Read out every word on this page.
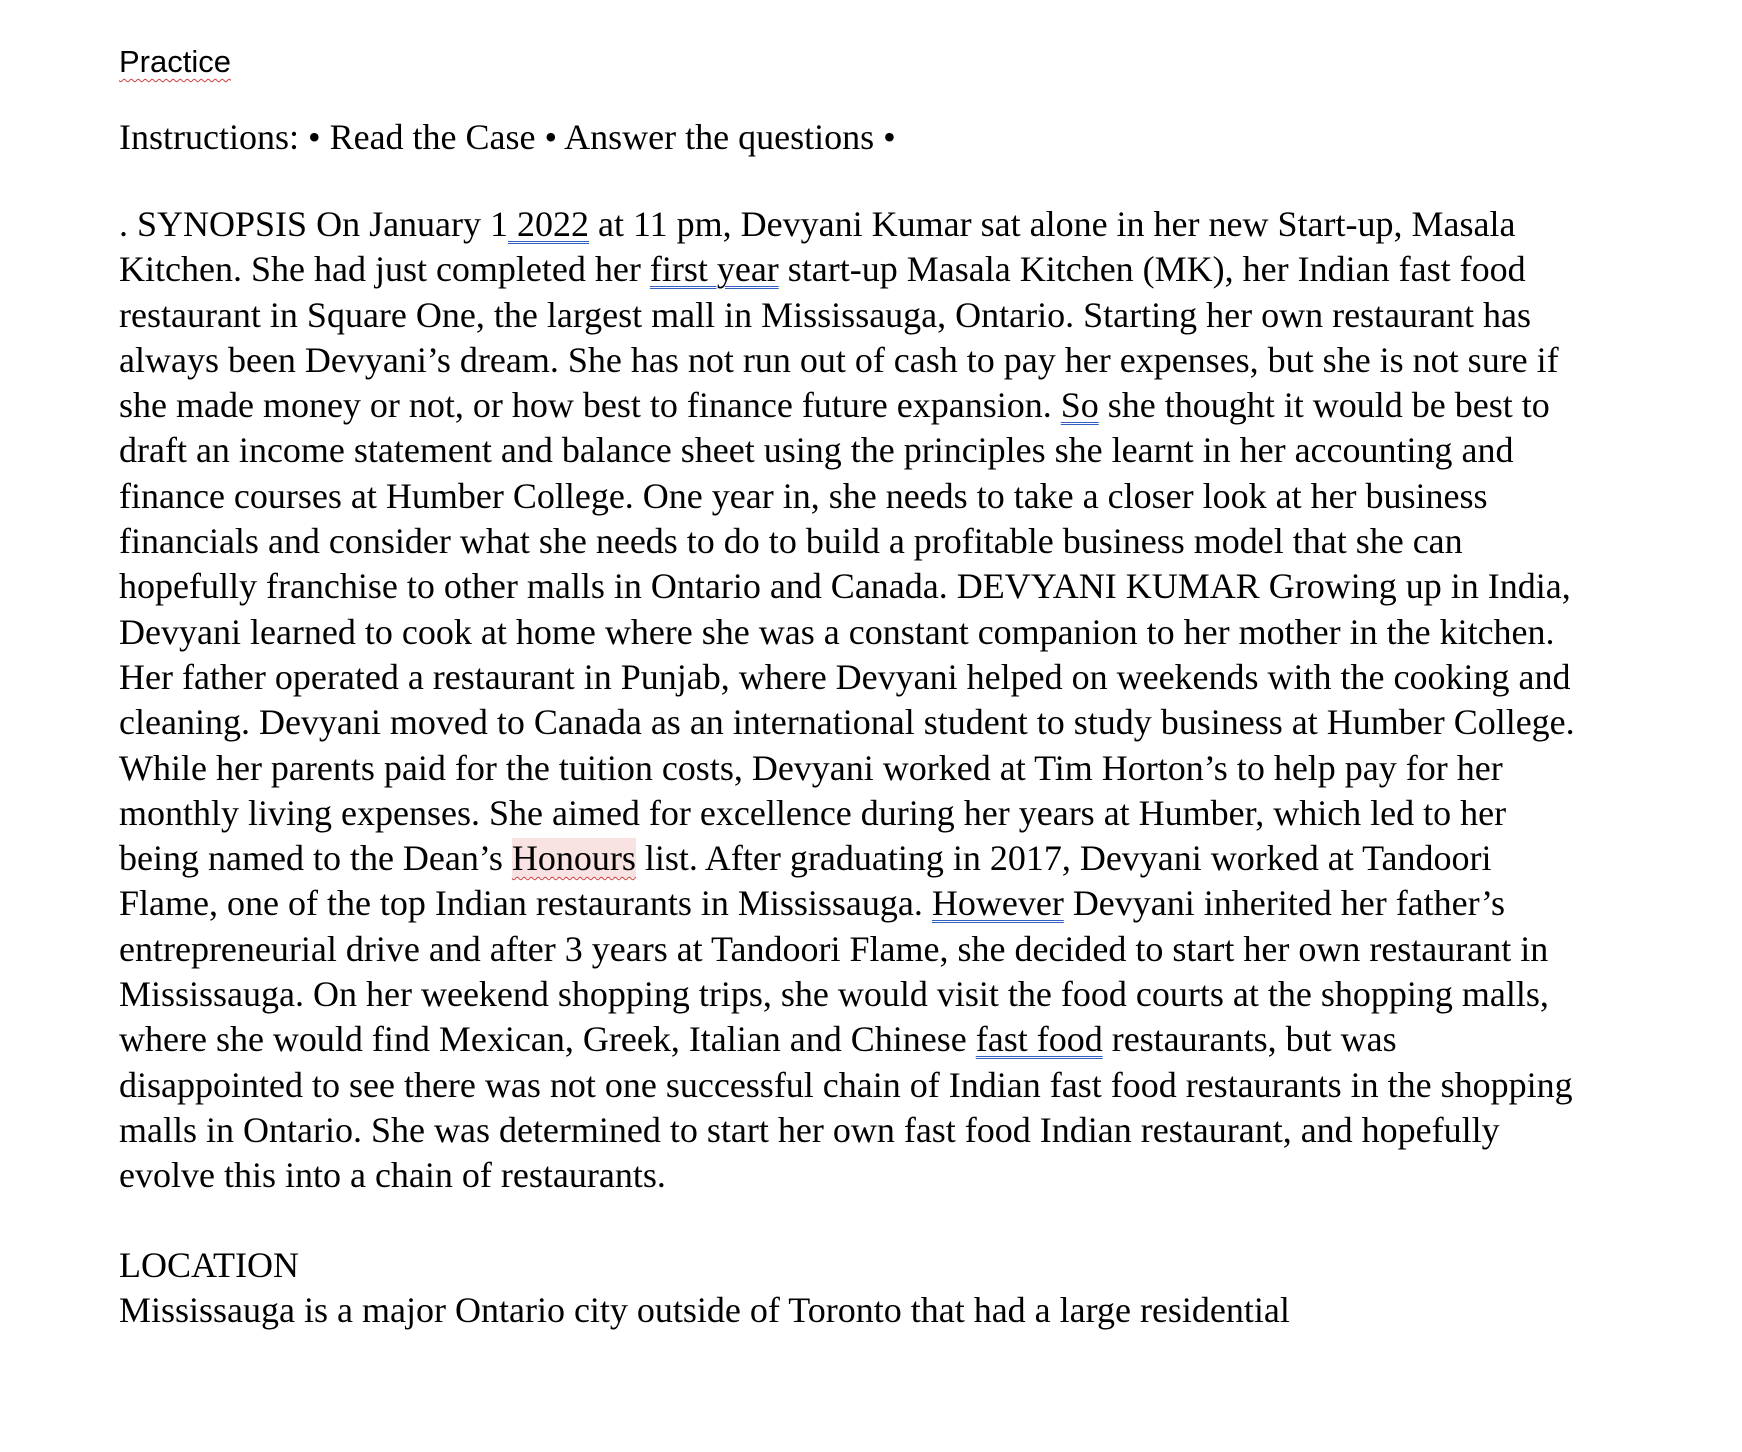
Practice
Instructions: • Read the Case • Answer the questions •

. SYNOPSIS On January 1 2022 at 11 pm, Devyani Kumar sat alone in her new Start-up, Masala Kitchen. She had just completed her first year start-up Masala Kitchen (MK), her Indian fast food restaurant in Square One, the largest mall in Mississauga, Ontario. Starting her own restaurant has always been Devyani’s dream. She has not run out of cash to pay her expenses, but she is not sure if she made money or not, or how best to finance future expansion. So she thought it would be best to draft an income statement and balance sheet using the principles she learnt in her accounting and finance courses at Humber College. One year in, she needs to take a closer look at her business financials and consider what she needs to do to build a profitable business model that she can hopefully franchise to other malls in Ontario and Canada. DEVYANI KUMAR Growing up in India, Devyani learned to cook at home where she was a constant companion to her mother in the kitchen. Her father operated a restaurant in Punjab, where Devyani helped on weekends with the cooking and cleaning. Devyani moved to Canada as an international student to study business at Humber College. While her parents paid for the tuition costs, Devyani worked at Tim Horton’s to help pay for her monthly living expenses. She aimed for excellence during her years at Humber, which led to her being named to the Dean’s Honours list. After graduating in 2017, Devyani worked at Tandoori Flame, one of the top Indian restaurants in Mississauga. However Devyani inherited her father’s entrepreneurial drive and after 3 years at Tandoori Flame, she decided to start her own restaurant in Mississauga. On her weekend shopping trips, she would visit the food courts at the shopping malls, where she would find Mexican, Greek, Italian and Chinese fast food restaurants, but was disappointed to see there was not one successful chain of Indian fast food restaurants in the shopping malls in Ontario. She was determined to start her own fast food Indian restaurant, and hopefully evolve this into a chain of restaurants.

LOCATION
Mississauga is a major Ontario city outside of Toronto that had a large residential
